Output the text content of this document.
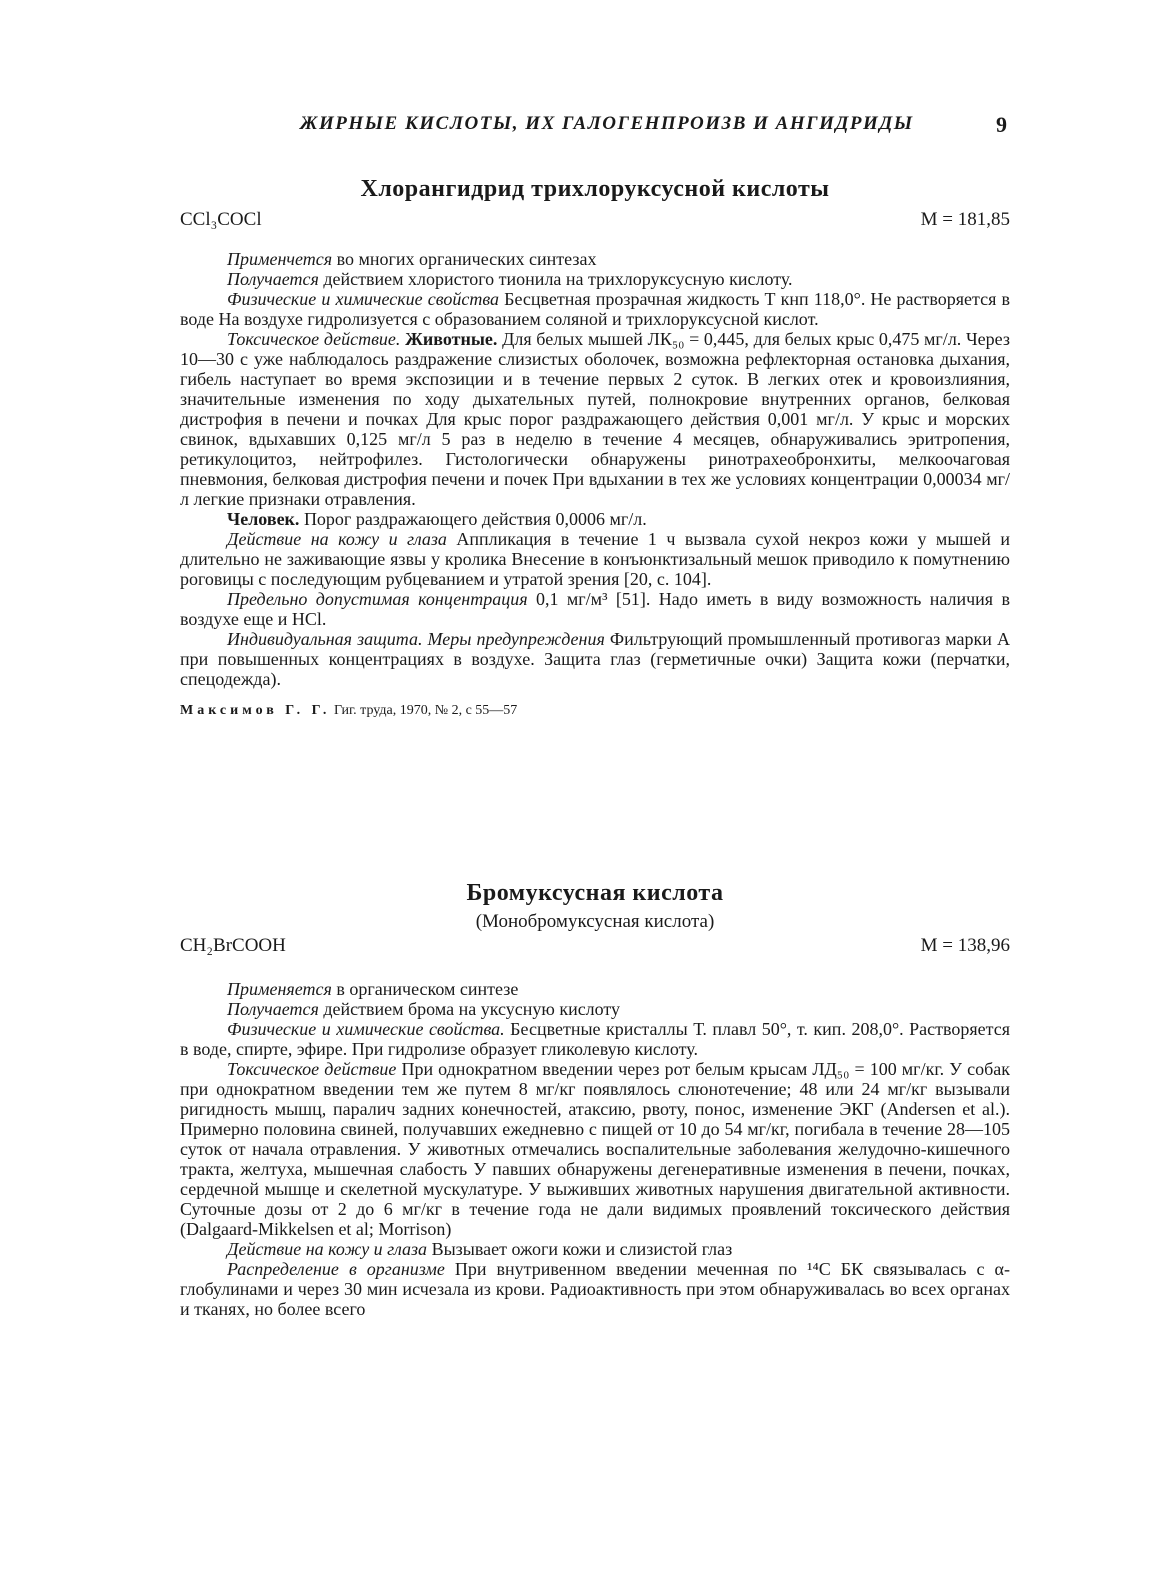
ЖИРНЫЕ КИСЛОТЫ, ИХ ГАЛОГЕНПРОИЗВ И АНГИДРИДЫ	9
Хлорангидрид трихлоруксусной кислоты
CCl₃COCl	M = 181,85

Применчется во многих органических синтезах

Получается действием хлористого тионила на трихлоруксусную кислоту.

Физические и химические свойства Бесцветная прозрачная жидкость Т кнп 118,0°. Не растворяется в воде На воздухе гидролизуется с образованием соляной и трихлоруксусной кислот.

Токсическое действие. Животные. Для белых мышей ЛК₅₀ = 0,445, для белых крыс 0,475 мг/л. Через 10—30 с уже наблюдалось раздражение слизистых оболочек, возможна рефлекторная остановка дыхания, гибель наступает во время экспозиции и в течение первых 2 суток. В легких отек и кровоизлияния, значительные изменения по ходу дыхательных путей, полнокровие внутренних органов, белковая дистрофия в печени и почках Для крыс порог раздражающего действия 0,001 мг/л. У крыс и морских свинок, вдыхавших 0,125 мг/л 5 раз в неделю в течение 4 месяцев, обнаруживались эритропения, ретикулоцитоз, нейтрофилез. Гистологически обнаружены ринотрахеобронхиты, мелкоочаговая пневмония, белковая дистрофия печени и почек При вдыхании в тех же условиях концентрации 0,00034 мг/л легкие признаки отравления.

Человек. Порог раздражающего действия 0,0006 мг/л.

Действие на кожу и глаза Аппликация в течение 1 ч вызвала сухой некроз кожи у мышей и длительно не заживающие язвы у кролика Внесение в конъюнктизальный мешок приводило к помутнению роговицы с последующим рубцеванием и утратой зрения [20, с. 104].

Предельно допустимая концентрация 0,1 мг/м³ [51]. Надо иметь в виду возможность наличия в воздухе еще и HCl.

Индивидуальная защита. Меры предупреждения Фильтрующий промышленный противогаз марки А при повышенных концентрациях в воздухе. Защита глаз (герметичные очки) Защита кожи (перчатки, спецодежда).

Максимов Г. Г. Гиг. труда, 1970, № 2, с 55—57
Бромуксусная кислота
(Монобромуксусная кислота)
CH₂BrCOOH	M = 138,96

Применяется в органическом синтезе

Получается действием брома на уксусную кислоту

Физические и химические свойства. Бесцветные кристаллы Т. плавл 50°, т. кип. 208,0°. Растворяется в воде, спирте, эфире. При гидролизе образует гликолевую кислоту.

Токсическое действие При однократном введении через рот белым крысам ЛД₅₀ = 100 мг/кг. У собак при однократном введении тем же путем 8 мг/кг появлялось слюнотечение; 48 или 24 мг/кг вызывали ригидность мышц, паралич задних конечностей, атаксию, рвоту, понос, изменение ЭКГ (Andersen et al.). Примерно половина свиней, получавших ежедневно с пищей от 10 до 54 мг/кг, погибала в течение 28—105 суток от начала отравления. У животных отмечались воспалительные заболевания желудочно-кишечного тракта, желтуха, мышечная слабость У павших обнаружены дегенеративные изменения в печени, почках, сердечной мышце и скелетной мускулатуре. У выживших животных нарушения двигательной активности. Суточные дозы от 2 до 6 мг/кг в течение года не дали видимых проявлений токсического действия (Dalgaard-Mikkelsen et al; Morrison)

Действие на кожу и глаза Вызывает ожоги кожи и слизистой глаз

Распределение в организме При внутривенном введении меченная по ¹⁴C БК связывалась с α-глобулинами и через 30 мин исчезала из крови. Радиоактивность при этом обнаруживалась во всех органах и тканях, но более всего
